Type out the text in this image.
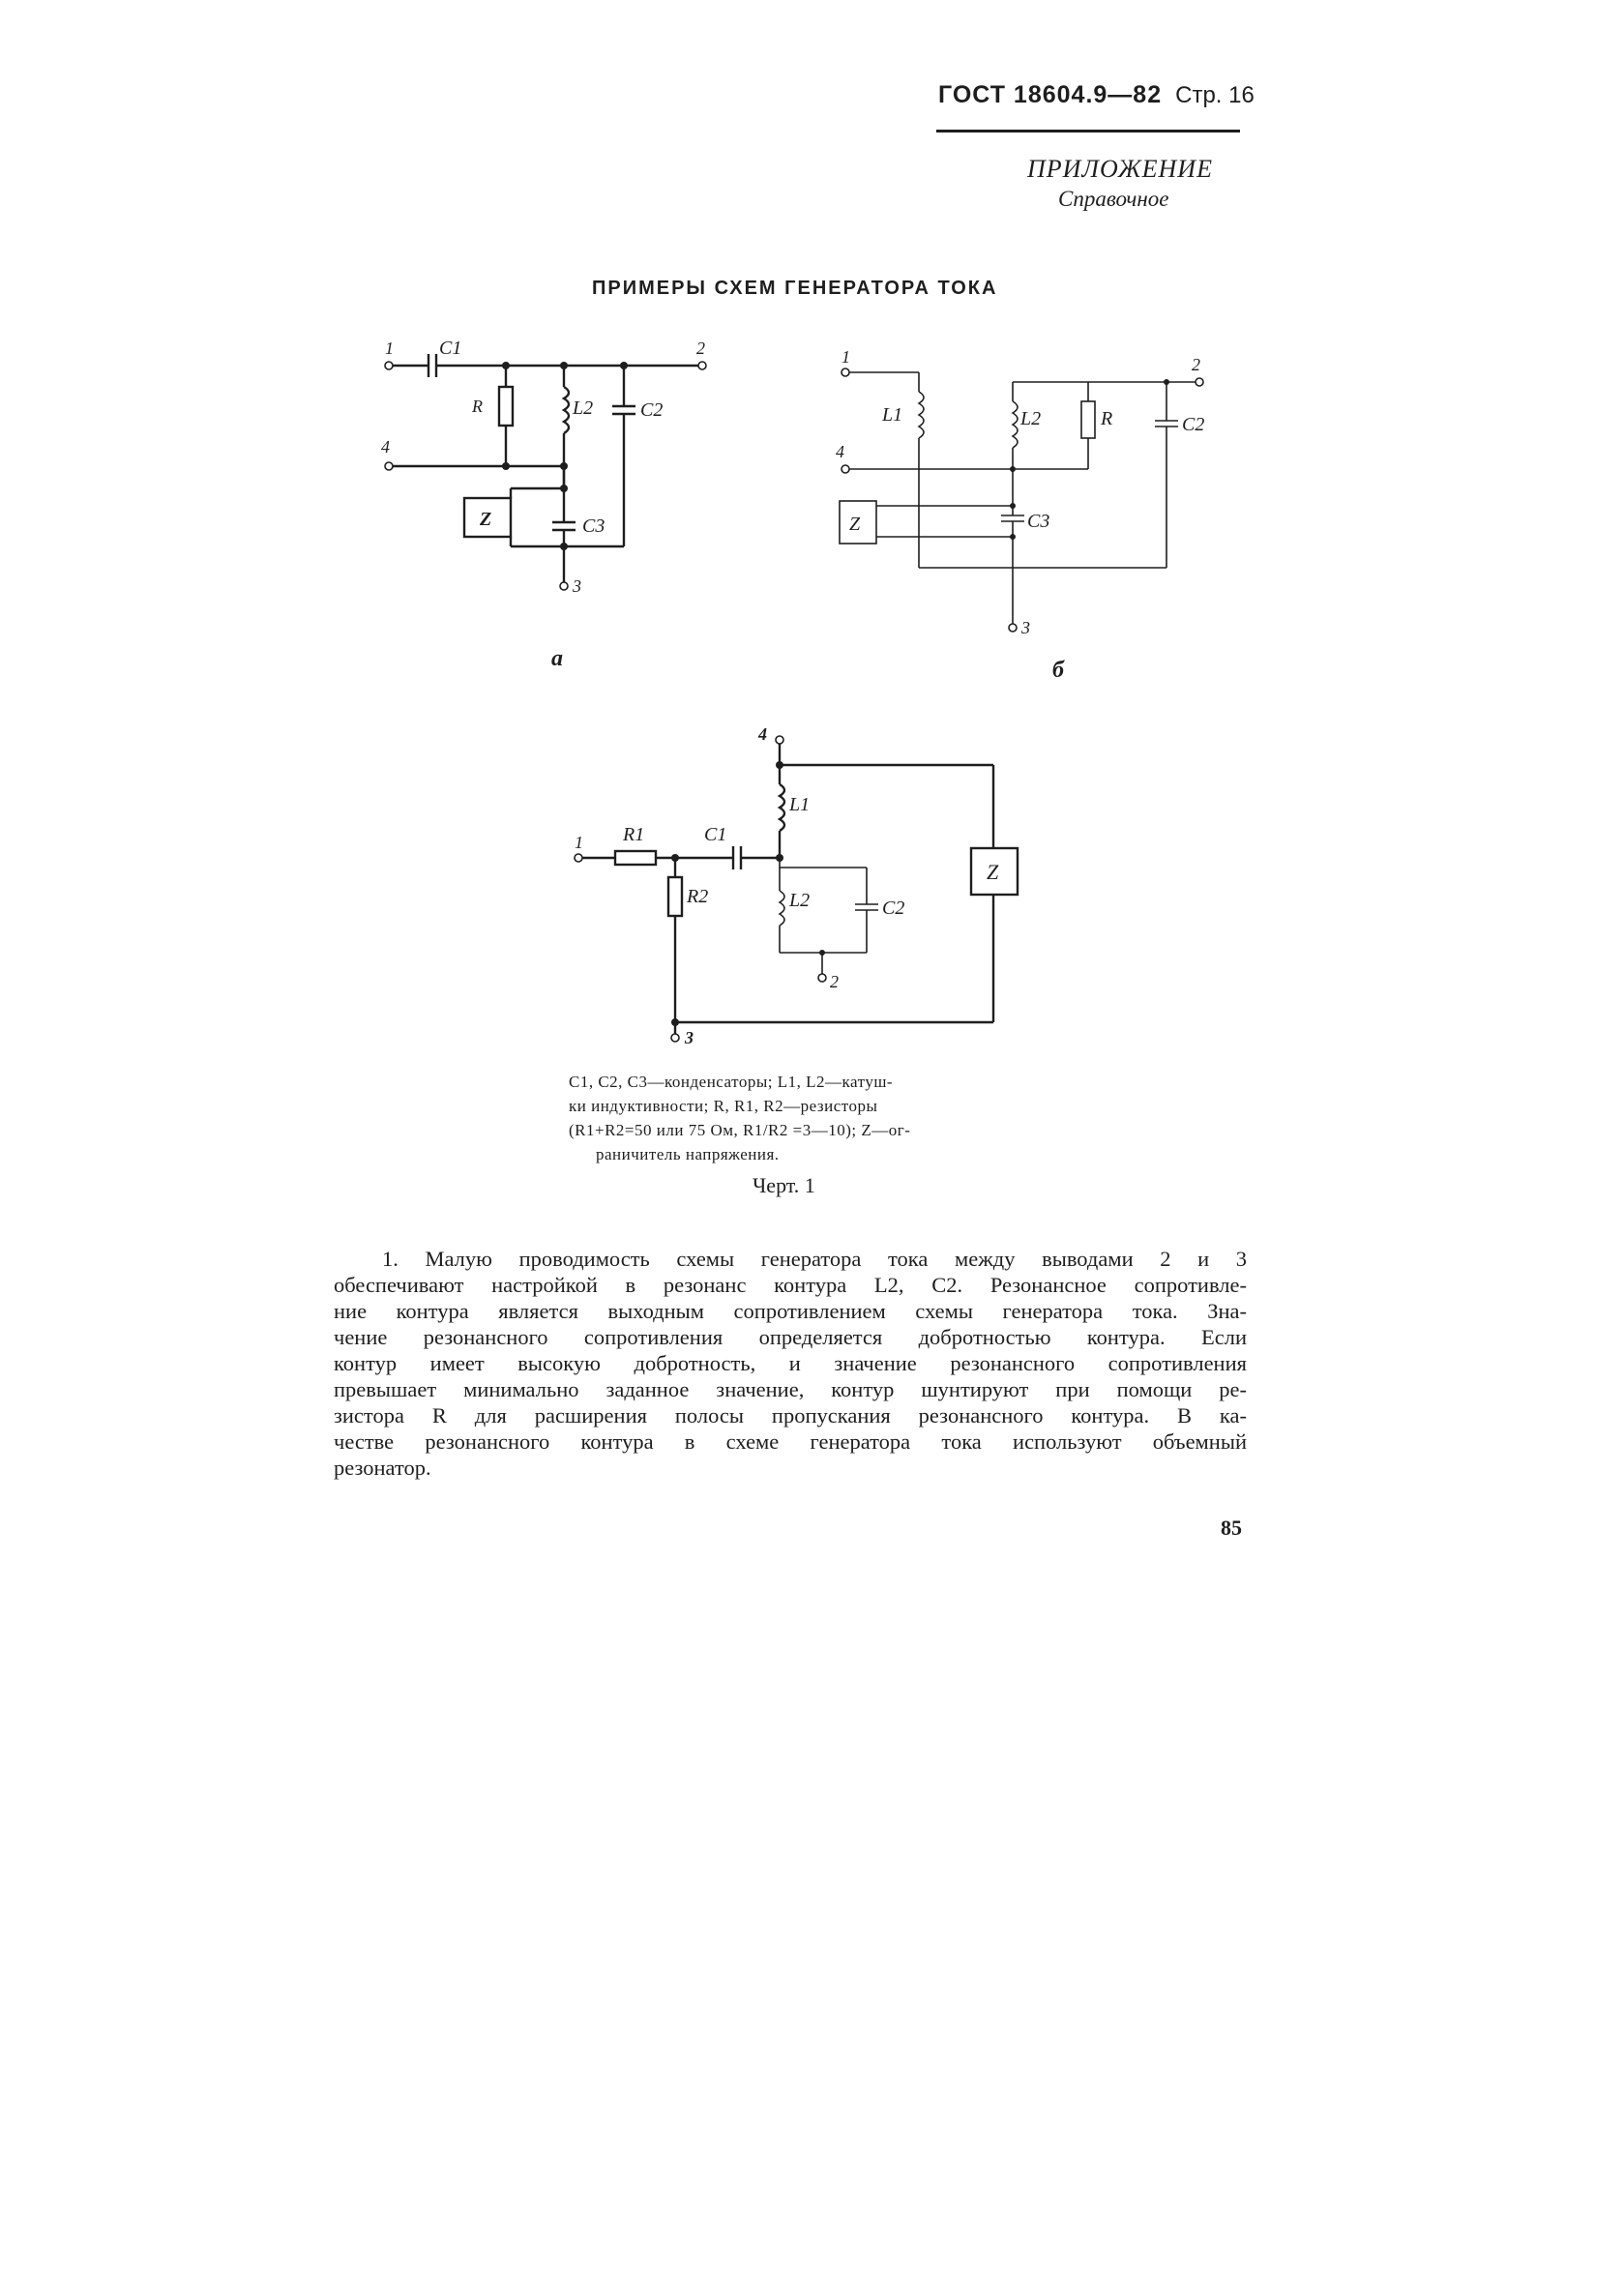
ГОСТ 18604.9—82 Стр. 16
ПРИЛОЖЕНИЕ
Справочное
ПРИМЕРЫ СХЕМ ГЕНЕРАТОРА ТОКА
1 C1	2
R	L2 C2
4
Z	C3
3
а
1
L1
2
L2	R	C2
4
Z	C3
3
б
4
Z
L1
1 R1	C1
R2	L2	C2
2
3
C1, C2, C3—конденсаторы; L1, L2—катуш-
ки индуктивности; R, R1, R2—резисторы
(R1+R2=50 или 75 Ом, R1/R2 =3—10); Z—ог-
раничитель напряжения.
Черт. 1
1. Малую проводимость схемы генератора тока между выводами 2 и 3
обеспечивают настройкой в резонанс контура L2, C2. Резонансное сопротивле-
ние контура является выходным сопротивлением схемы генератора тока. Зна-
чение резонансного сопротивления определяется добротностью контура. Если
контур имеет высокую добротность, и значение резонансного сопротивления
превышает минимально заданное значение, контур шунтируют при помощи ре-
зистора R для расширения полосы пропускания резонансного контура. В ка-
честве резонансного контура в схеме генератора тока используют объемный
резонатор.
85
